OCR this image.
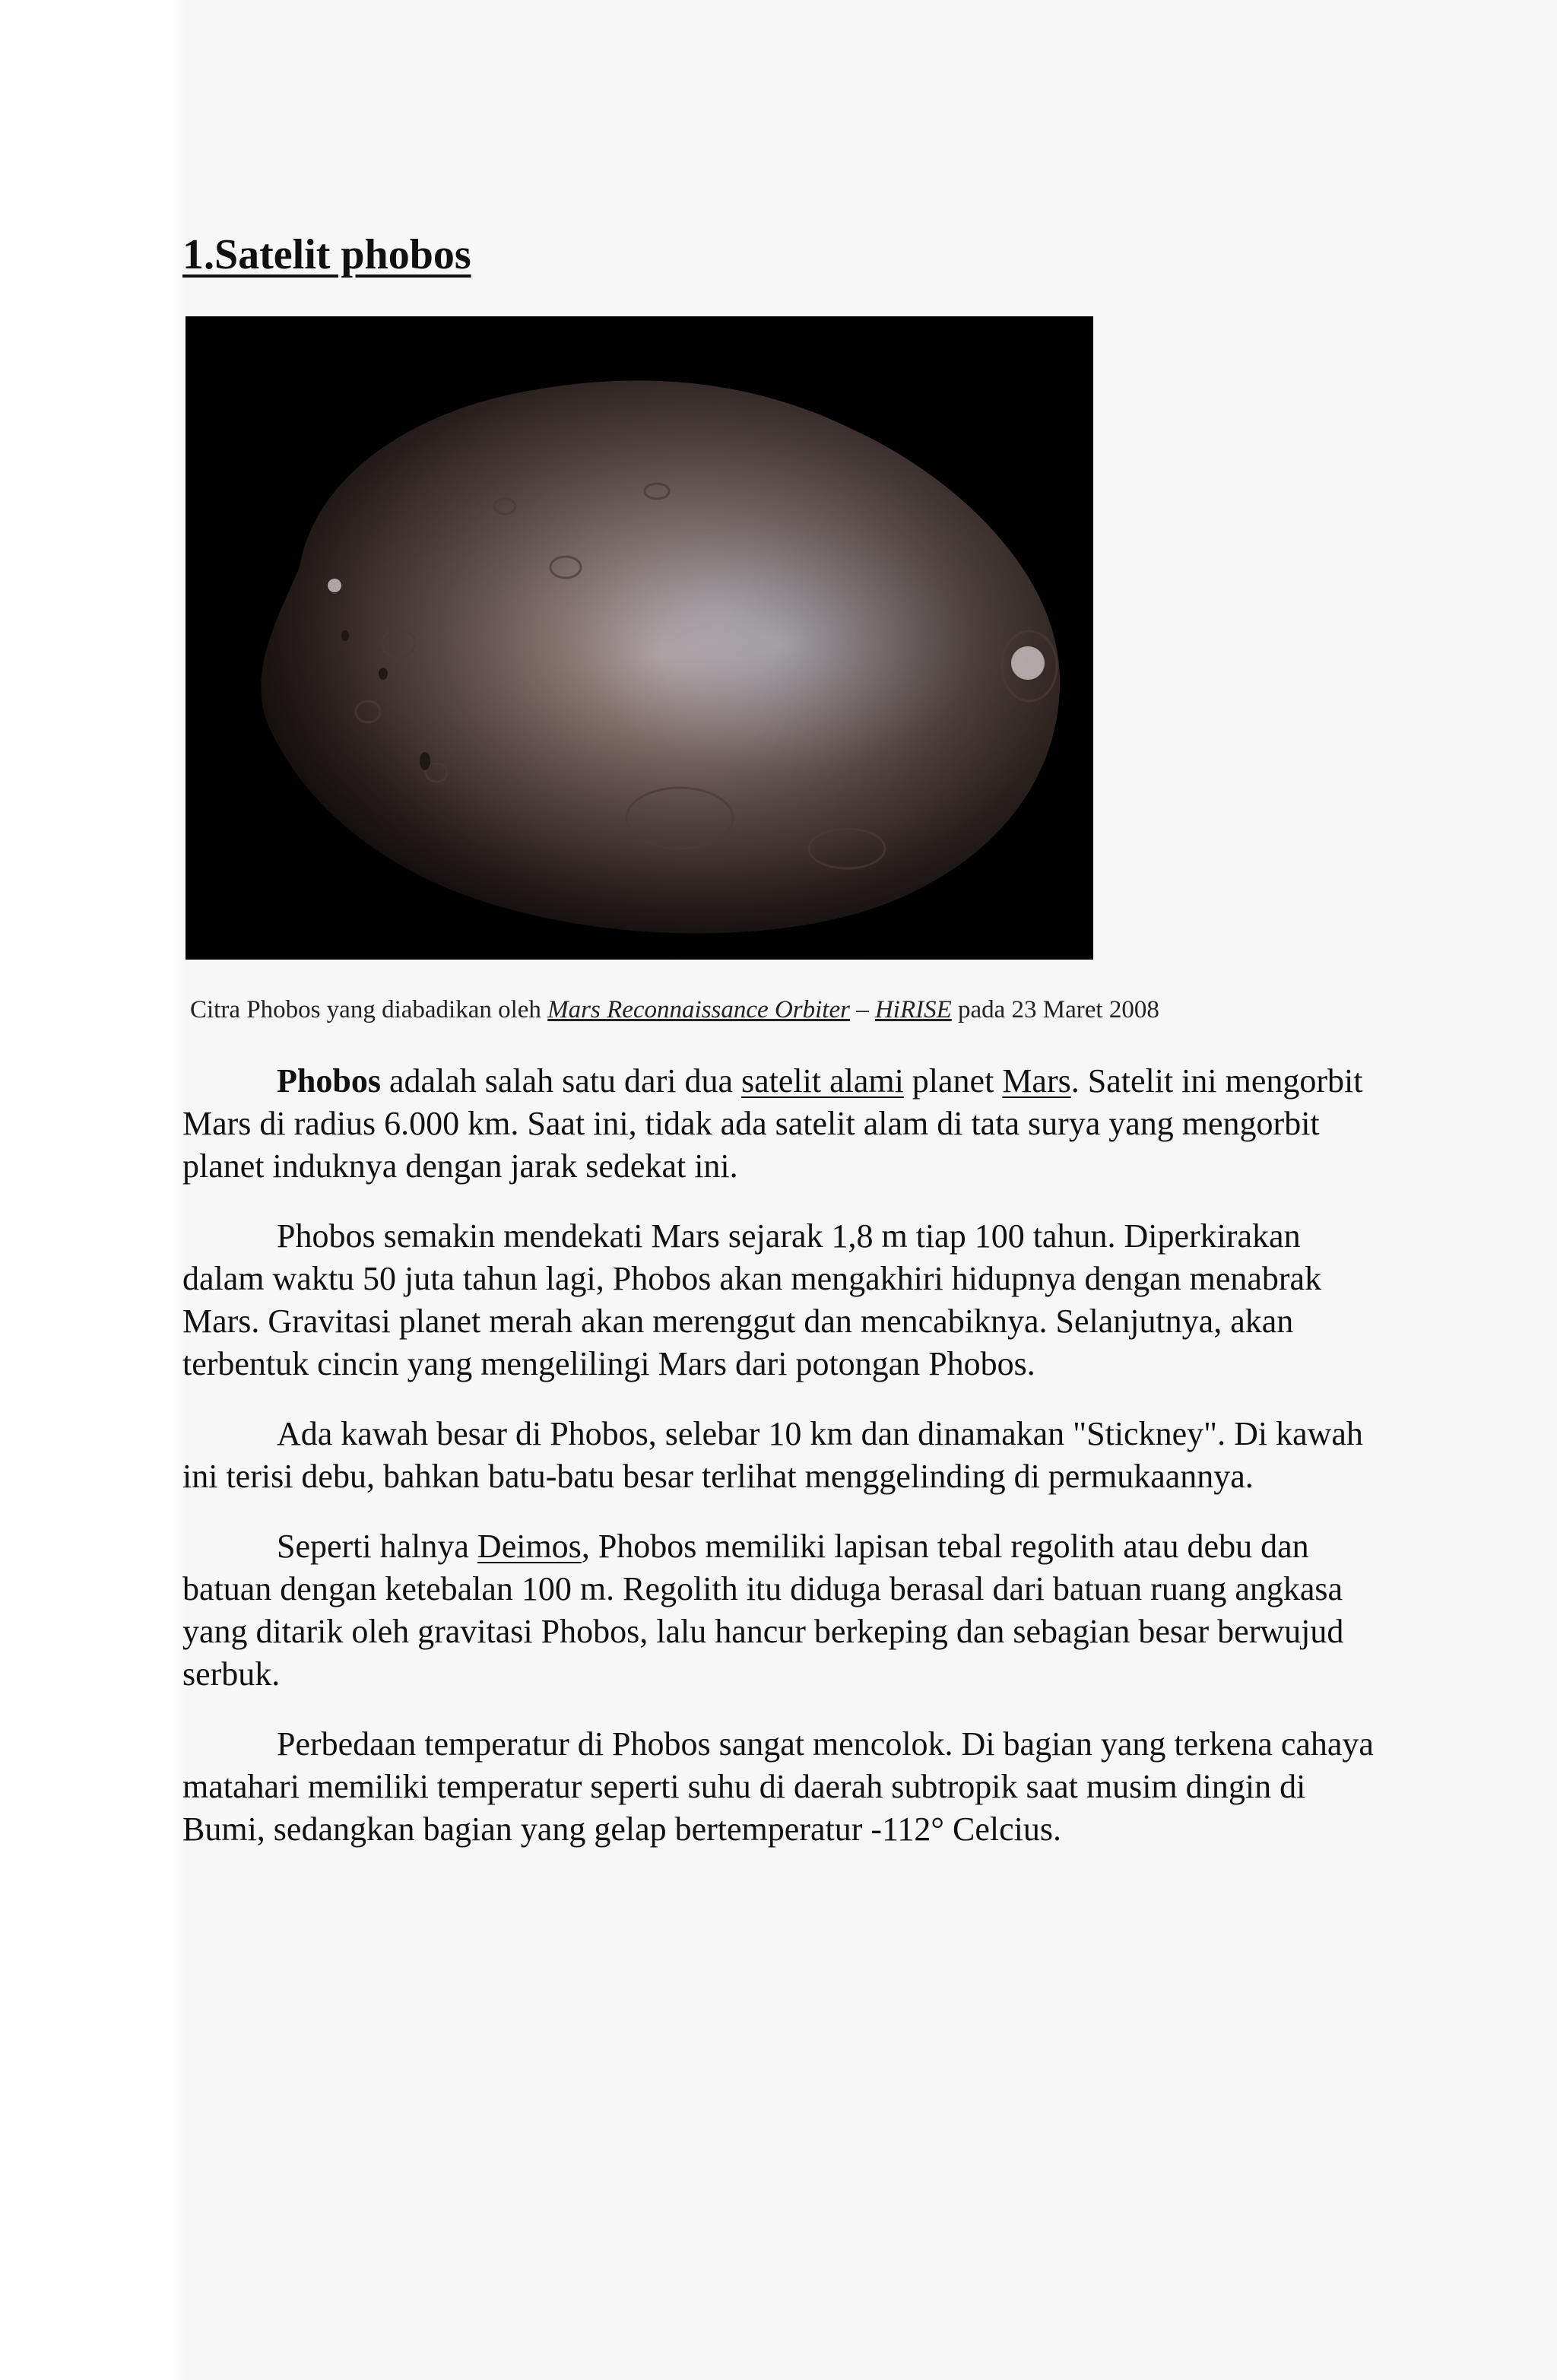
1.Satelit phobos
Citra Phobos yang diabadikan oleh Mars Reconnaissance Orbiter – HiRISE pada 23 Maret 2008

Phobos adalah salah satu dari dua satelit alami planet Mars. Satelit ini mengorbit Mars di radius 6.000 km. Saat ini, tidak ada satelit alam di tata surya yang mengorbit planet induknya dengan jarak sedekat ini.

Phobos semakin mendekati Mars sejarak 1,8 m tiap 100 tahun. Diperkirakan dalam waktu 50 juta tahun lagi, Phobos akan mengakhiri hidupnya dengan menabrak Mars. Gravitasi planet merah akan merenggut dan mencabiknya. Selanjutnya, akan terbentuk cincin yang mengelilingi Mars dari potongan Phobos.

Ada kawah besar di Phobos, selebar 10 km dan dinamakan "Stickney". Di kawah ini terisi debu, bahkan batu-batu besar terlihat menggelinding di permukaannya.

Seperti halnya Deimos, Phobos memiliki lapisan tebal regolith atau debu dan batuan dengan ketebalan 100 m. Regolith itu diduga berasal dari batuan ruang angkasa yang ditarik oleh gravitasi Phobos, lalu hancur berkeping dan sebagian besar berwujud serbuk.

Perbedaan temperatur di Phobos sangat mencolok. Di bagian yang terkena cahaya matahari memiliki temperatur seperti suhu di daerah subtropik saat musim dingin di Bumi, sedangkan bagian yang gelap bertemperatur -112° Celcius.
